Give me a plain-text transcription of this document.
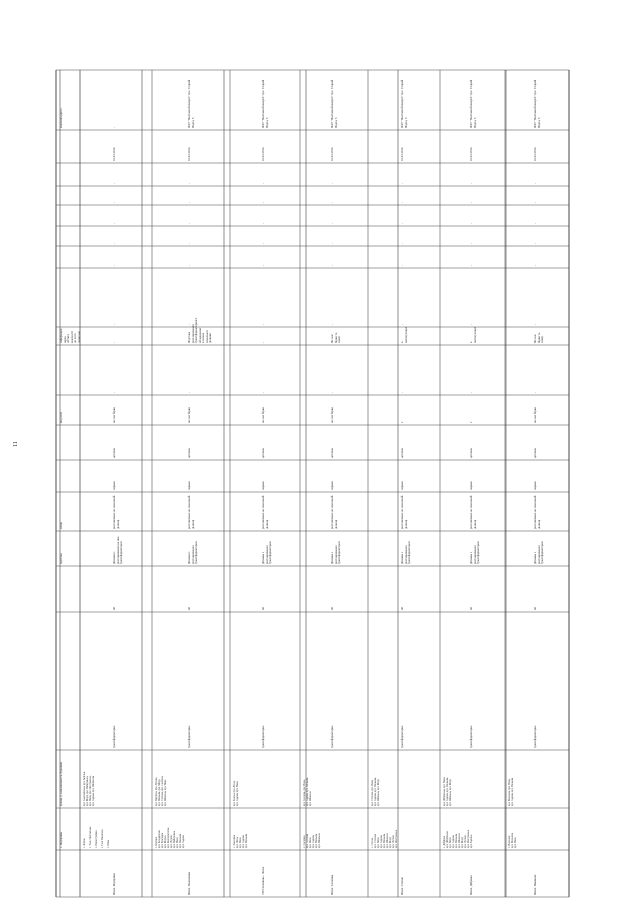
11
власник/адреса
інформація щодо об'єкта власності до чого дописано
вид сесії
місце
підстава
вулиці (з зазначенням № будинків)
с. Федорівка
-
16.03.2014
-
-
-
-
-
-
-
-
не має бірки
цегляна
паркан
розташоване на земельній ділянці
Ділянки з розташованим на них трансформатором
40
трансформаторна
вул. Анатолівська, вул. Зарічна,
вул. Миру, вул. Набережна,
вул. Нова, вул. Центральна,
вул. Садова, вул. Шевченка
с. Лиман

с. Тиш. Полтавська

с. Новостроївка

с. Гнат Павленко

с. Нова
Невіл. Федорівка
ПАТ "Полтаваобленерго" вул. Старий Поділ, 5
16.03.2014
-
-
-
-
-
-
Підстава розташованого трансформаторного обладнання в межах земельної ділянки
-
не має бірки
цегляна
паркан
розташоване на земельній ділянці
Ділянки з розташованим трансформатором
40
трансформаторна
вул. Підгірна, вул. Лугова,
вул. Польова, вул. Миру,
вул. Степова, вул. Сонячна,
вул. Шкільна, вул. Нова
с. Крючки
вул. Бондаренко
вул. Бригадна
вул. Мирна
вул. Кооперативна
вул. Лугова
вул. Набережна
вул. Нова
вул. Польова
вул. Садова
Невіл. Малиновка
ПАТ "Полтаваобленерго" вул. Старий Поділ, 5
16.03.2014
-
-
-
-
-
-
-
-
не має бірки
цегляна
паркан
розташоване на земельній ділянці
Ділянка з розташованим трансформатором
40
трансформаторна
вул. Зелена, вул. Лісна,
вул. Садова, вул. Нова
с. Зеленівка
вул. Лісна
вул. Нова
вул. Садова
вул. Польова
ЗТП Зеленівка - Лісне
ПАТ "Полтаваобленерго" вул. Старий Поділ, 5
16.03.2014
-
-
-
-
-
-
Не має бірки та знаку
-
не має бірки
цегляна
паркан
розташоване на земельній ділянці
Ділянка з розташованим трансформатором
40
трансформаторна
вул. Соснова, вул. Нова,
вул. Садова, вул. Польова,
вул. Шкільна
с. Соснівка
вул. Соснова
вул. Нова
вул. Садова
вул. Польова
вул. Шкільна
Невіл. Соснівка
ПАТ "Полтаваобленерго" вул. Старий Поділ, 5
16.03.2014
-
-
-
-
-
-
в експлуатації
-
є
цегляна
паркан
розташоване на земельній ділянці
Ділянка з розташованим трансформатором
40
трансформаторна
вул. Степова, вул. Нова,
вул. Садова, вул. Польова,
вул. Шкільна, вул. Миру
с. Степне
вул. Степова
вул. Нова
вул. Садова
вул. Польова
вул. Шкільна
вул. Миру
вул. Лугова
вул. Центральна
Невіл. Степне
ПАТ "Полтаваобленерго" вул. Старий Поділ, 5
16.03.2014
-
-
-
-
-
-
в експлуатації
-
є
цегляна
паркан
розташоване на земельній ділянці
Ділянка з розташованим трансформатором
40
трансформаторна
вул. Дібрівська, вул. Нова,
вул. Садова, вул. Польова,
вул. Шкільна, вул. Миру
с. Дібрівка
вул. Дібрівська
вул. Нова
вул. Садова
вул. Польова
вул. Шкільна
вул. Миру
вул. Лугова
вул. Центральна
вул. Зарічна
Невіл. Дібрівка
ПАТ "Полтаваобленерго" вул. Старий Поділ, 5
16.03.2014
-
-
-
-
-
-
Не має бірки та знаку
-
не має бірки
цегляна
паркан
розташоване на земельній ділянці
Ділянка з розташованим трансформатором
40
трансформаторна
вул. Вишнева, вул. Нова,
вул. Садова, вул. Польова
с. Вишневе
вул. Вишнева
вул. Нова
Невіл. Вишневе
